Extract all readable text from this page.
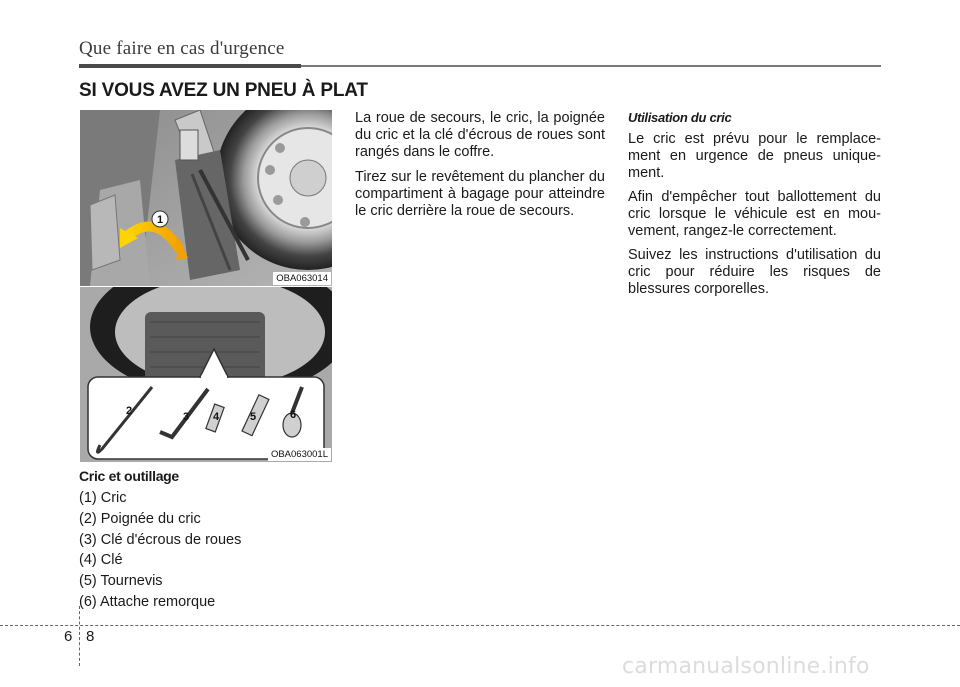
Que faire en cas d'urgence
SI VOUS AVEZ UN PNEU À PLAT
1
OBA063014
2	3 4	5	6
OBA063001L
Cric et outillage
(1) Cric
(2) Poignée du cric
(3) Clé d'écrous de roues
(4) Clé
(5) Tournevis
(6) Attache remorque

La roue de secours, le cric, la poignée du cric et la clé d'écrous de roues sont rangés dans le coffre.

Tirez sur le revêtement du plancher du compartiment à bagage pour atteindre le cric derrière la roue de secours.

Utilisation du cric

Le cric est prévu pour le remplace-ment en urgence de pneus unique-ment.

Afin d'empêcher tout ballottement du cric lorsque le véhicule est en mou-vement, rangez-le correctement.

Suivez les instructions d'utilisation du cric pour réduire les risques de blessures corporelles.

6 8
carmanualsonline.info
